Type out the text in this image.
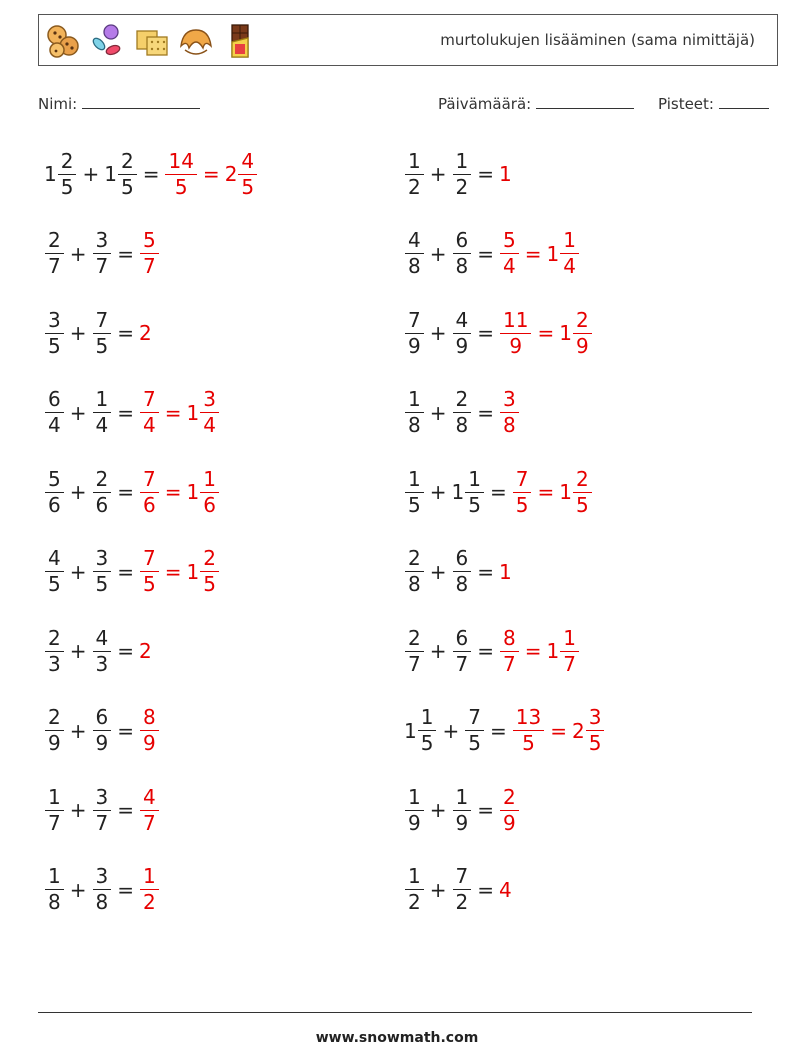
murtolukujen lisääminen (sama nimittäjä)
Nimi:	Päivämäärä:	Pisteet:
$1 \frac{2}{5} + 1 \frac{2}{5} = \frac{14}{5} = 2 \frac{4}{5}$	$\frac{1}{2} + \frac{1}{2} = 1$
$\frac{2}{7} + \frac{3}{7} = \frac{5}{7}$	$\frac{4}{8} + \frac{6}{8} = \frac{5}{4} = 1 \frac{1}{4}$
$\frac{3}{5} + \frac{7}{5} = 2$	$\frac{7}{9} + \frac{4}{9} = \frac{11}{9} = 1 \frac{2}{9}$
$\frac{6}{4} + \frac{1}{4} = \frac{7}{4} = 1 \frac{3}{4}$	$\frac{1}{8} + \frac{2}{8} = \frac{3}{8}$
$\frac{5}{6} + \frac{2}{6} = \frac{7}{6} = 1 \frac{1}{6}$	$\frac{1}{5} + 1 \frac{1}{5} = \frac{7}{5} = 1 \frac{2}{5}$
$\frac{4}{5} + \frac{3}{5} = \frac{7}{5} = 1 \frac{2}{5}$	$\frac{2}{8} + \frac{6}{8} = 1$
$\frac{2}{3} + \frac{4}{3} = 2$	$\frac{2}{7} + \frac{6}{7} = \frac{8}{7} = 1 \frac{1}{7}$
$\frac{2}{9} + \frac{6}{9} = \frac{8}{9}$	$1 \frac{1}{5} + \frac{7}{5} = \frac{13}{5} = 2 \frac{3}{5}$
$\frac{1}{7} + \frac{3}{7} = \frac{4}{7}$	$\frac{1}{9} + \frac{1}{9} = \frac{2}{9}$
$\frac{1}{8} + \frac{3}{8} = \frac{1}{2}$	$\frac{1}{2} + \frac{7}{2} = 4$
www.snowmath.com
